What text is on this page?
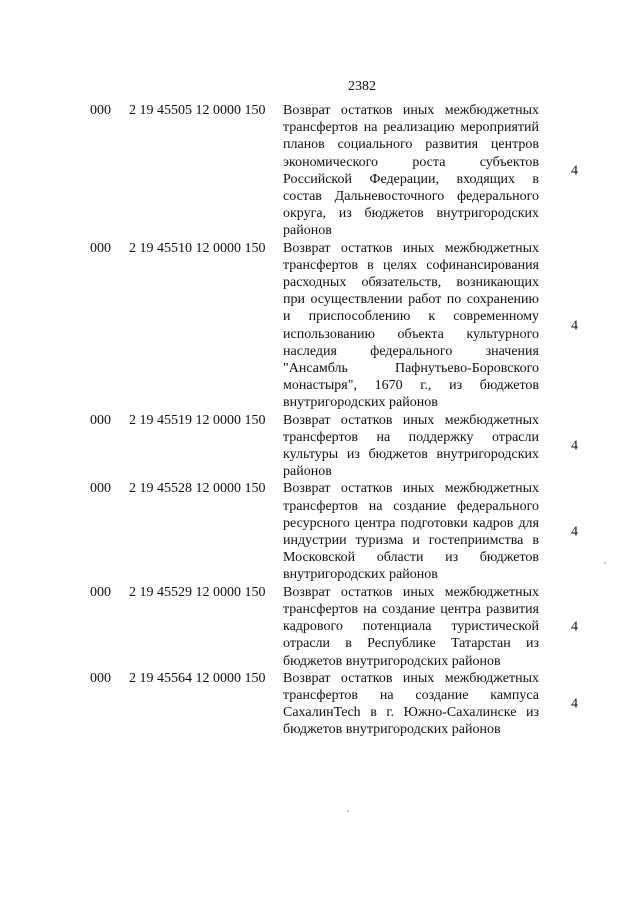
2382
000 2 19 45505 12 0000 150 Возврат остатков иных межбюджетных трансфертов на реализацию мероприятий планов социального развития центров экономического роста субъектов Российской Федерации, входящих в состав Дальневосточного федерального округа, из бюджетов внутригородских районов
4
000 2 19 45510 12 0000 150 Возврат остатков иных межбюджетных трансфертов в целях софинансирования расходных обязательств, возникающих при осуществлении работ по сохранению и приспособлению к современному использованию объекта культурного наследия федерального значения "Ансамбль Пафнутьево-Боровского монастыря", 1670 г., из бюджетов внутригородских районов
4
000 2 19 45519 12 0000 150 Возврат остатков иных межбюджетных трансфертов на поддержку отрасли культуры из бюджетов внутригородских районов
4
000 2 19 45528 12 0000 150 Возврат остатков иных межбюджетных трансфертов на создание федерального ресурсного центра подготовки кадров для индустрии туризма и гостеприимства в Московской области из бюджетов внутригородских районов
4
000 2 19 45529 12 0000 150 Возврат остатков иных межбюджетных трансфертов на создание центра развития кадрового потенциала туристической отрасли в Республике Татарстан из бюджетов внутригородских районов
4
000 2 19 45564 12 0000 150 Возврат остатков иных межбюджетных трансфертов на создание кампуса СахалинTech в г. Южно-Сахалинске из бюджетов внутригородских районов
4
